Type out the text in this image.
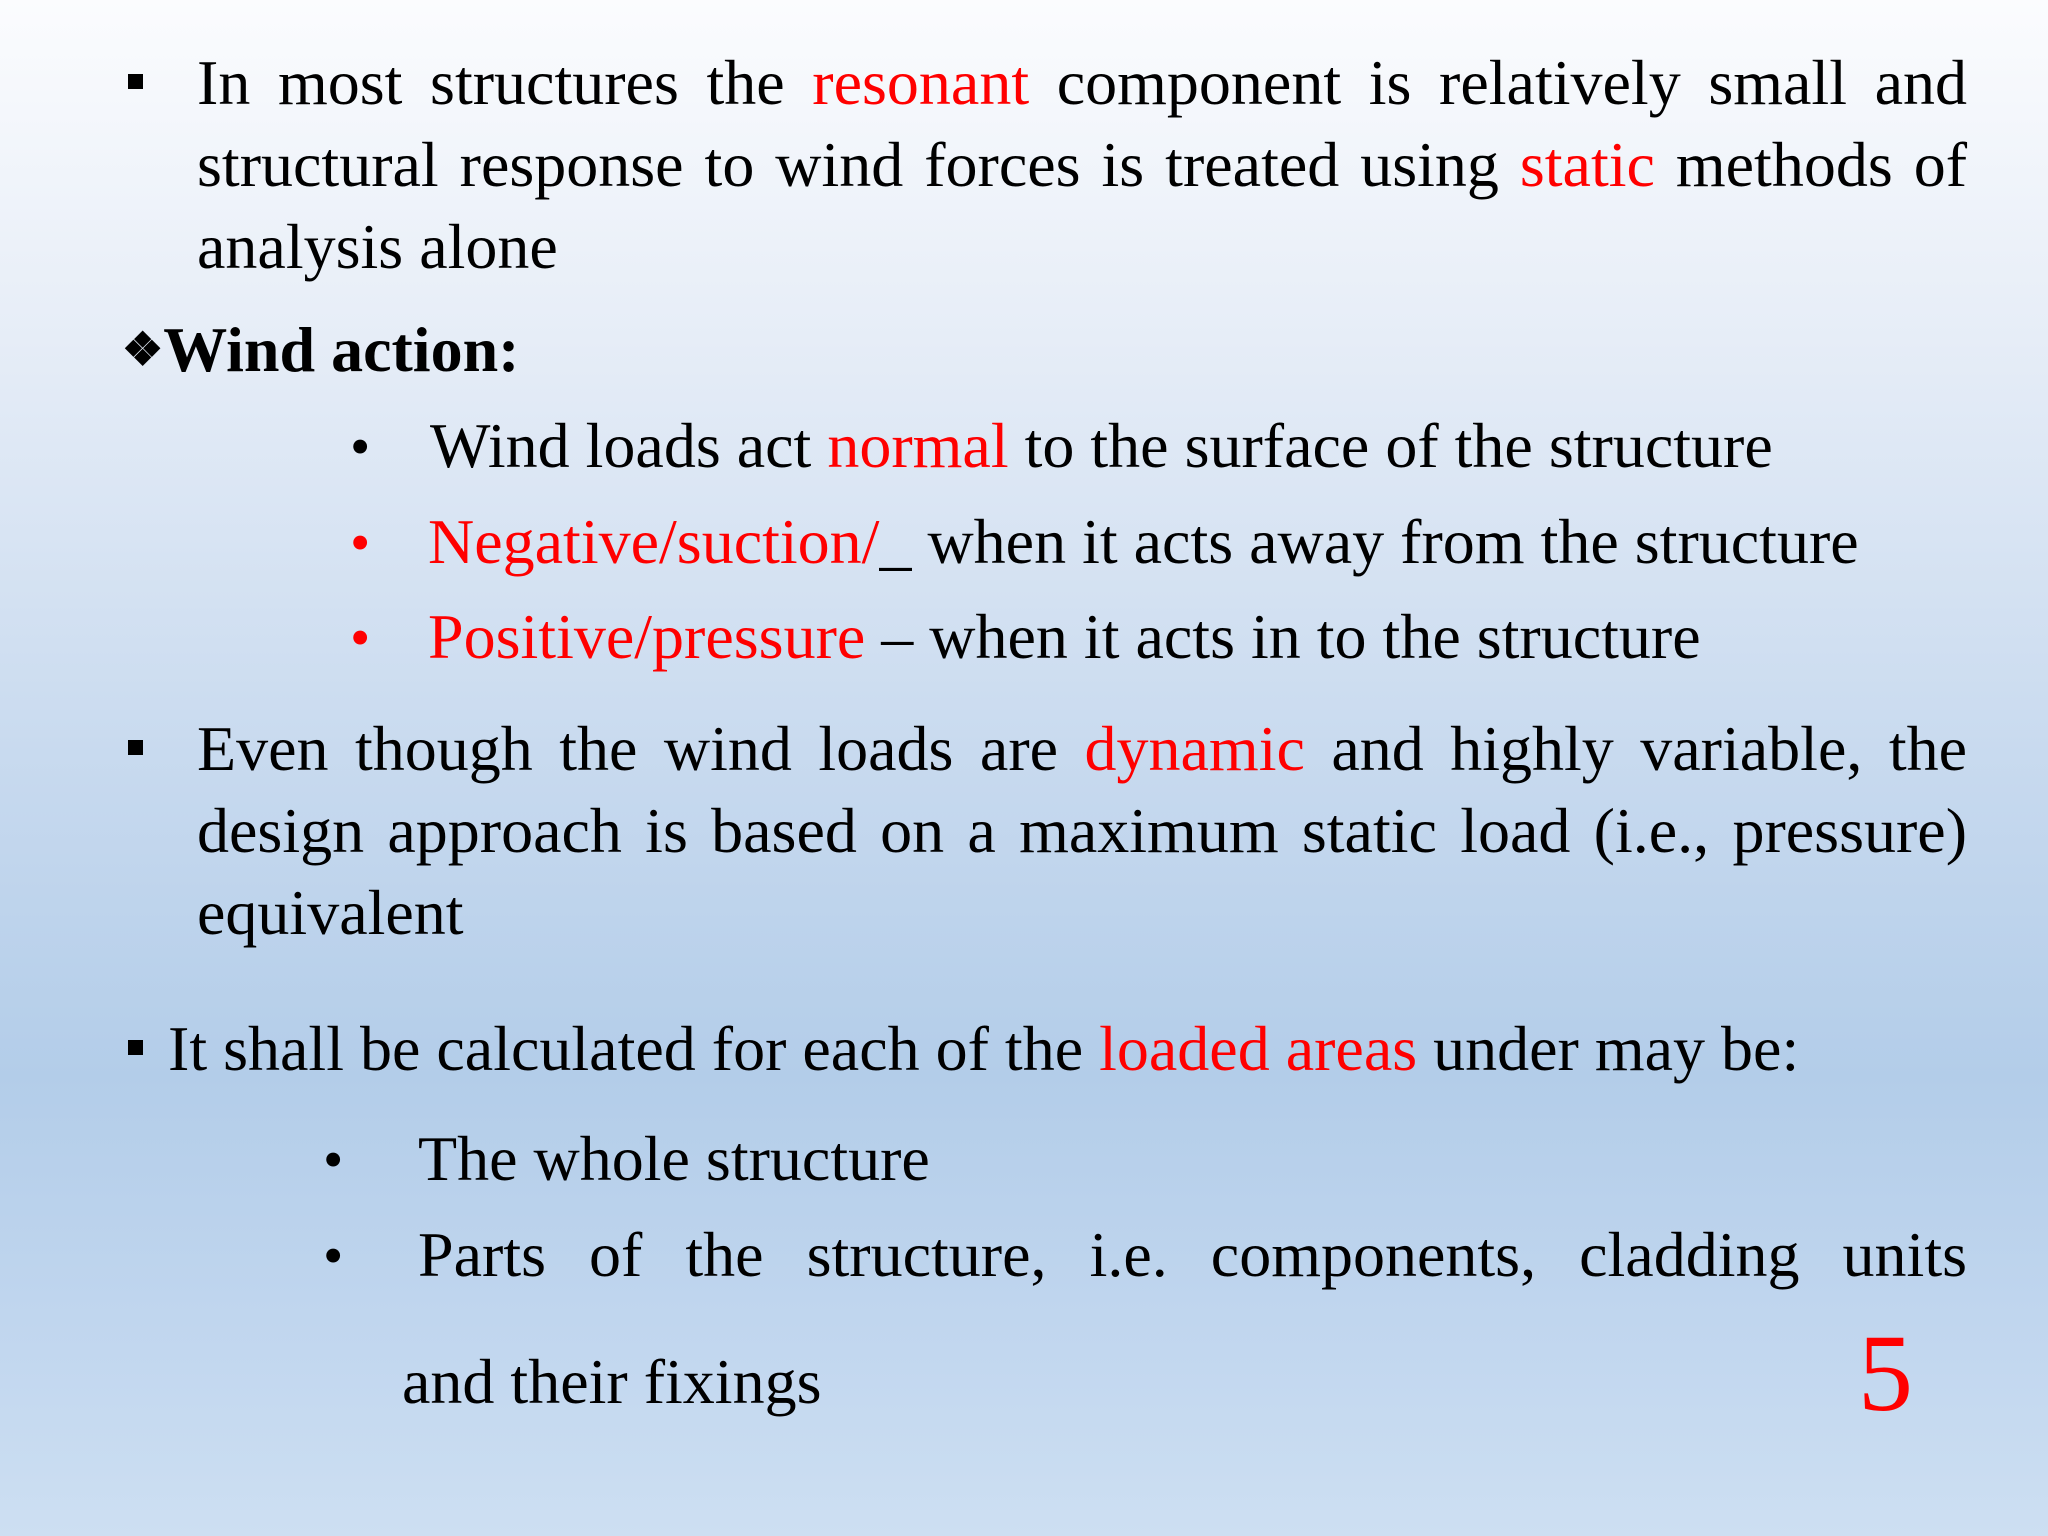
In most structures the resonant component is relatively small and structural response to wind forces is treated using static methods of analysis alone
❖Wind action:
• Wind loads act normal to the surface of the structure
• Negative/suction/_ when it acts away from the structure
• Positive/pressure – when it acts in to the structure
Even though the wind loads are dynamic and highly variable, the design approach is based on a maximum static load (i.e., pressure) equivalent
It shall be calculated for each of the loaded areas under may be:
• The whole structure
• Parts  of  the  structure,  i.e.  components,  cladding  units
and their fixings	5
